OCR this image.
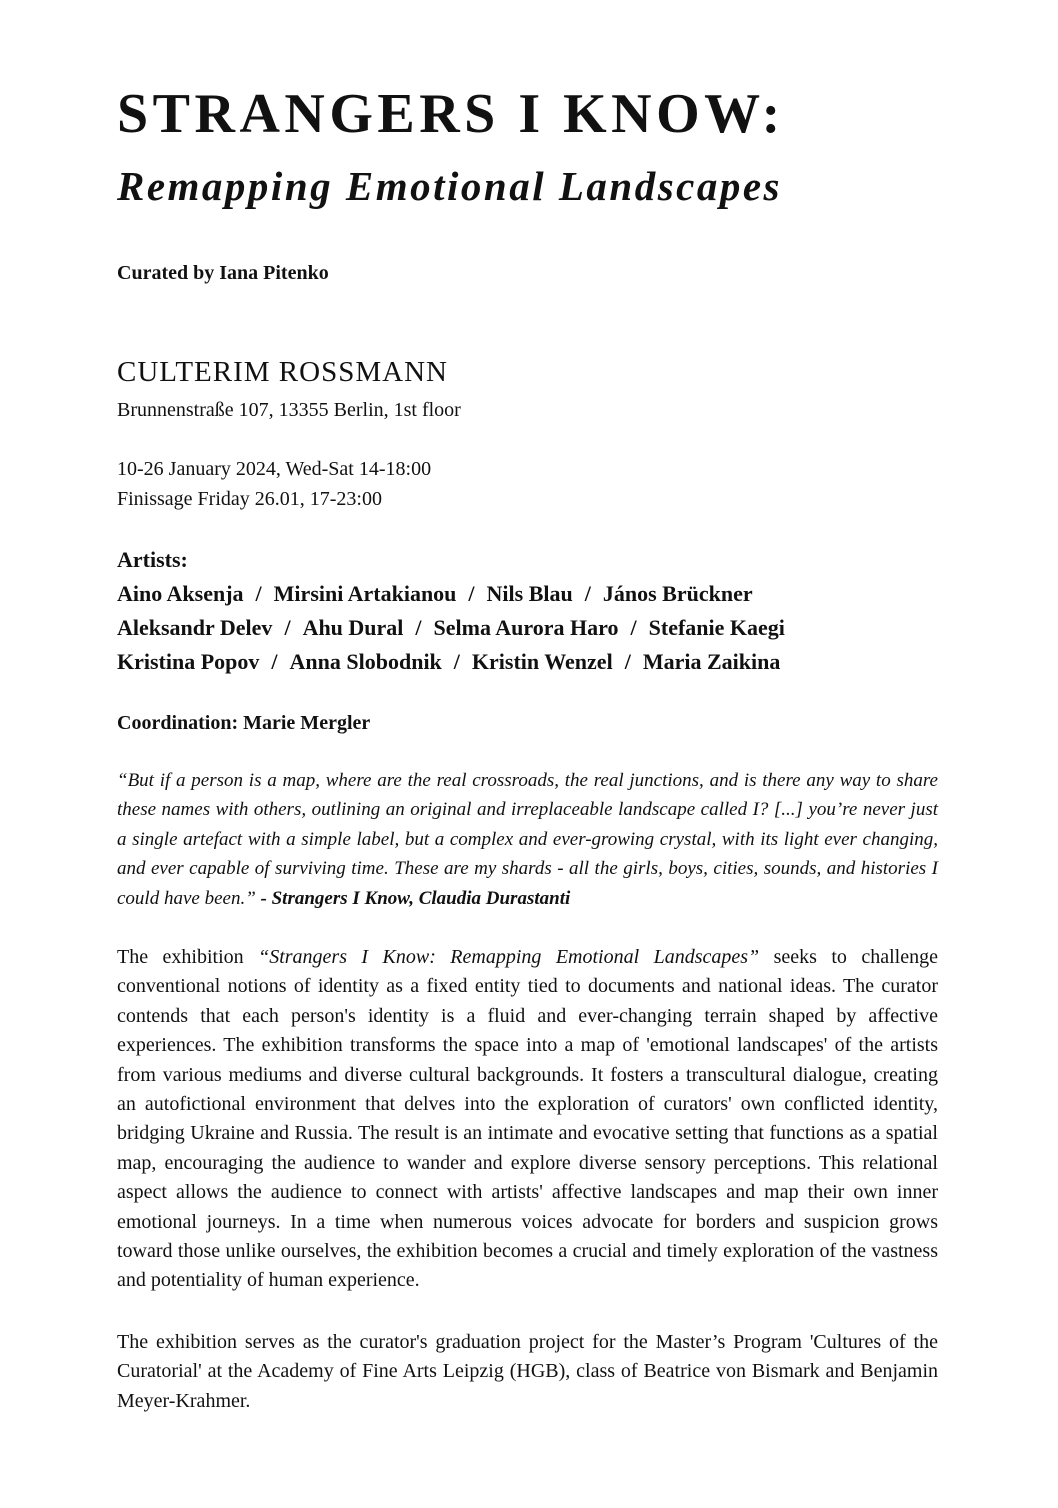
STRANGERS I KNOW:
Remapping Emotional Landscapes
Curated by Iana Pitenko
CULTERIM ROSSMANN
Brunnenstraße 107, 13355 Berlin, 1st floor
10-26 January 2024, Wed-Sat 14-18:00
Finissage Friday 26.01, 17-23:00
Artists:
Aino Aksenja / Mirsini Artakianou / Nils Blau / János Brückner
Aleksandr Delev / Ahu Dural / Selma Aurora Haro / Stefanie Kaegi
Kristina Popov / Anna Slobodnik / Kristin Wenzel / Maria Zaikina
Coordination: Marie Mergler
“But if a person is a map, where are the real crossroads, the real junctions, and is there any way to share these names with others, outlining an original and irreplaceable landscape called I? [...] you’re never just a single artefact with a simple label, but a complex and ever-growing crystal, with its light ever changing, and ever capable of surviving time. These are my shards - all the girls, boys, cities, sounds, and histories I could have been.” - Strangers I Know, Claudia Durastanti

The exhibition “Strangers I Know: Remapping Emotional Landscapes” seeks to challenge conventional notions of identity as a fixed entity tied to documents and national ideas. The curator contends that each person's identity is a fluid and ever-changing terrain shaped by affective experiences. The exhibition transforms the space into a map of 'emotional landscapes' of the artists from various mediums and diverse cultural backgrounds. It fosters a transcultural dialogue, creating an autofictional environment that delves into the exploration of curators' own conflicted identity, bridging Ukraine and Russia. The result is an intimate and evocative setting that functions as a spatial map, encouraging the audience to wander and explore diverse sensory perceptions. This relational aspect allows the audience to connect with artists' affective landscapes and map their own inner emotional journeys. In a time when numerous voices advocate for borders and suspicion grows toward those unlike ourselves, the exhibition becomes a crucial and timely exploration of the vastness and potentiality of human experience.

The exhibition serves as the curator's graduation project for the Master’s Program 'Cultures of the Curatorial' at the Academy of Fine Arts Leipzig (HGB), class of Beatrice von Bismark and Benjamin Meyer-Krahmer.
